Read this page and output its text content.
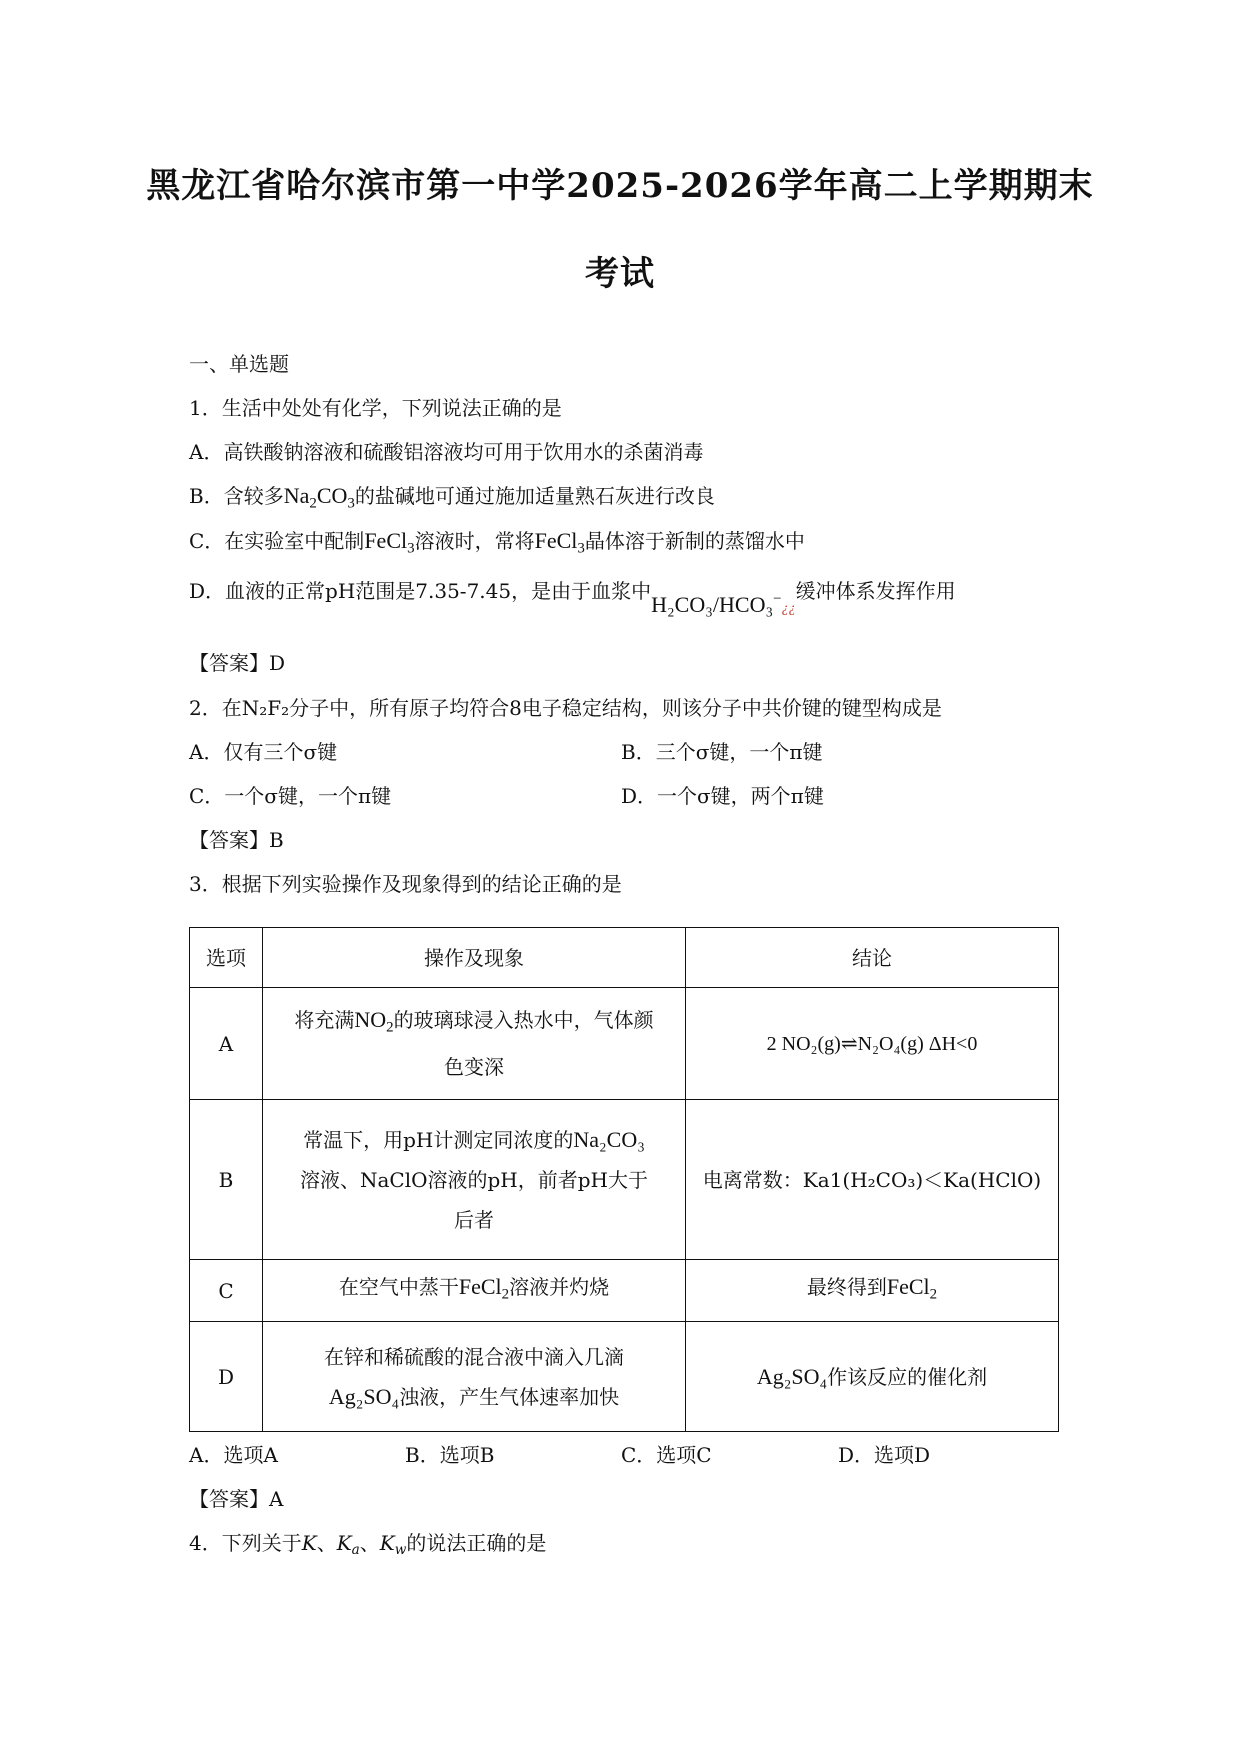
黑龙江省哈尔滨市第一中学2025-2026学年高二上学期期末
考试
一、单选题
1．生活中处处有化学，下列说法正确的是
A．高铁酸钠溶液和硫酸铝溶液均可用于饮用水的杀菌消毒
B．含较多$Na_2CO_3$的盐碱地可通过施加适量熟石灰进行改良
C．在实验室中配制FeCl$_3$溶液时，常将FeCl$_3$晶体溶于新制的蒸馏水中
D．血液的正常pH范围是7.35-7.45，是由于血浆中H₂CO₃/HCO₃−¿¿缓冲体系发挥作用
【答案】D
2．在N₂F₂分子中，所有原子均符合8电子稳定结构，则该分子中共价键的键型构成是
A．仅有三个σ键	B．三个σ键，一个π键
C．一个σ键，一个π键	D．一个σ键，两个π键
【答案】B
3．根据下列实验操作及现象得到的结论正确的是
选项	操作及现象	结论
A	将充满$NO_2$的玻璃球浸入热水中，气体颜
色变深	2 NO₂(g)⇌N₂O₄(g) ΔH<0
B	常温下，用pH计测定同浓度的Na₂CO₃
溶液、NaClO溶液的pH，前者pH大于
后者	电离常数：Ka1(H₂CO₃)＜Ka(HClO)
C	在空气中蒸干FeCl$_2$溶液并灼烧	最终得到FeCl$_2$
D	在锌和稀硫酸的混合液中滴入几滴
Ag₂SO₄浊液，产生气体速率加快	Ag₂SO₄作该反应的催化剂
A．选项A	B．选项B	C．选项C	D．选项D
【答案】A
4．下列关于K、$K_a$、$K_w$的说法正确的是
